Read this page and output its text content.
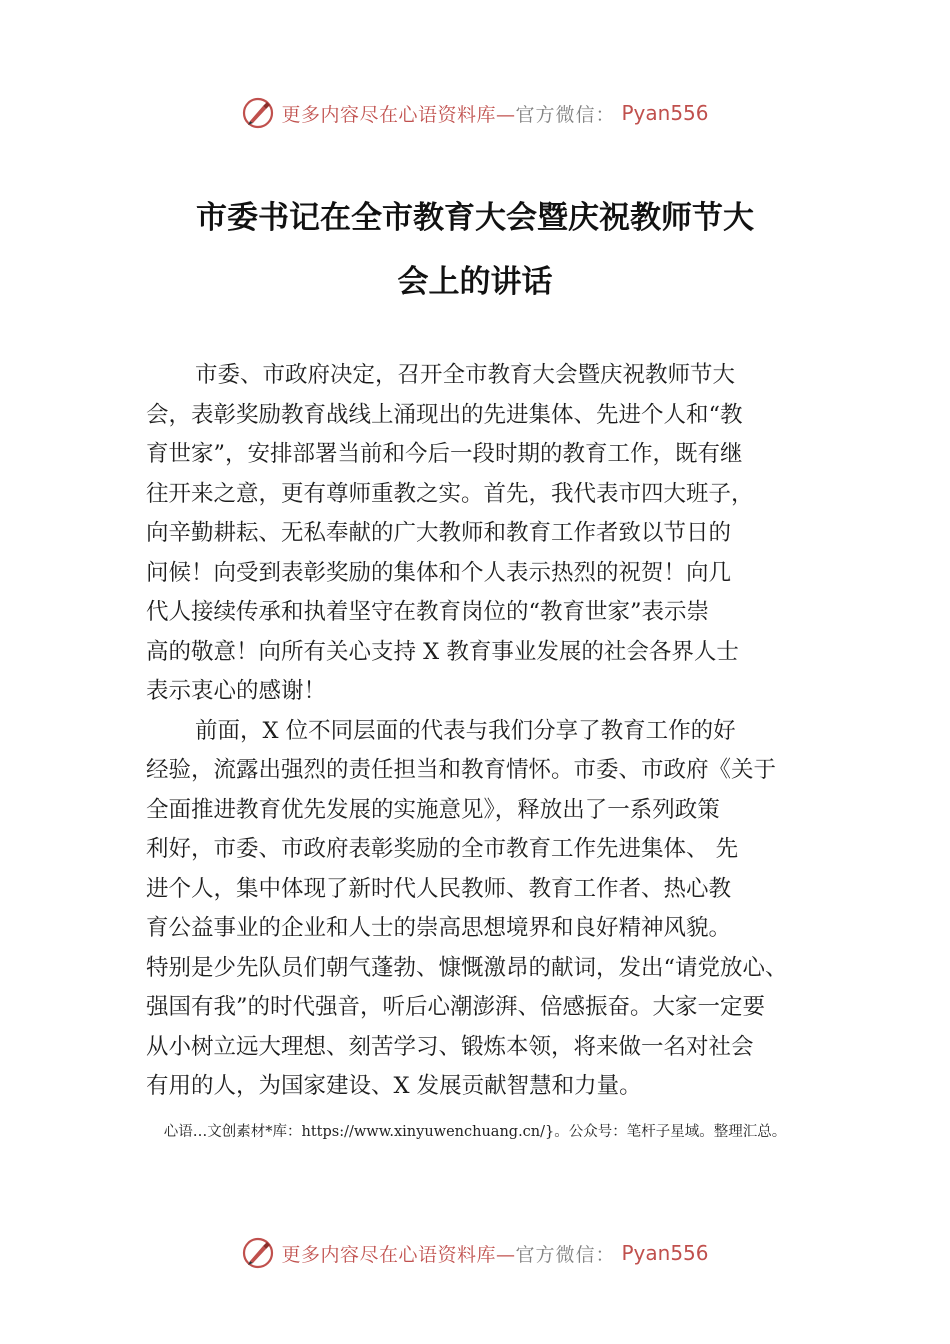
更多内容尽在心语资料库— 官方微信： Pyan556
市委书记在全市教育大会暨庆祝教师节大
会上的讲话
市委、市政府决定，召开全市教育大会暨庆祝教师节大
会，表彰奖励教育战线上涌现出的先进集体、先进个人和“教
育世家”，安排部署当前和今后一段时期的教育工作，既有继
往开来之意，更有尊师重教之实。首先，我代表市四大班子，
向辛勤耕耘、无私奉献的广大教师和教育工作者致以节日的
问候！向受到表彰奖励的集体和个人表示热烈的祝贺！向几
代人接续传承和执着坚守在教育岗位的“教育世家”表示崇
高的敬意！向所有关心支持 X 教育事业发展的社会各界人士
表示衷心的感谢！
前面，X 位不同层面的代表与我们分享了教育工作的好
经验，流露出强烈的责任担当和教育情怀。市委、市政府《关于
全面推进教育优先发展的实施意见》，释放出了一系列政策
利好，市委、市政府表彰奖励的全市教育工作先进集体、 先
进个人，集中体现了新时代人民教师、教育工作者、热心教
育公益事业的企业和人士的崇高思想境界和良好精神风貌。
特别是少先队员们朝气蓬勃、慷慨激昂的献词，发出“请党放心、
强国有我”的时代强音，听后心潮澎湃、倍感振奋。大家一定要
从小树立远大理想、刻苦学习、锻炼本领，将来做一名对社会
有用的人，为国家建设、X 发展贡献智慧和力量。
心语…文创素材*库：https://www.xinyuwenchuang.cn/}。公众号：笔杆子星域。整理汇总。
更多内容尽在心语资料库— 官方微信： Pyan556
